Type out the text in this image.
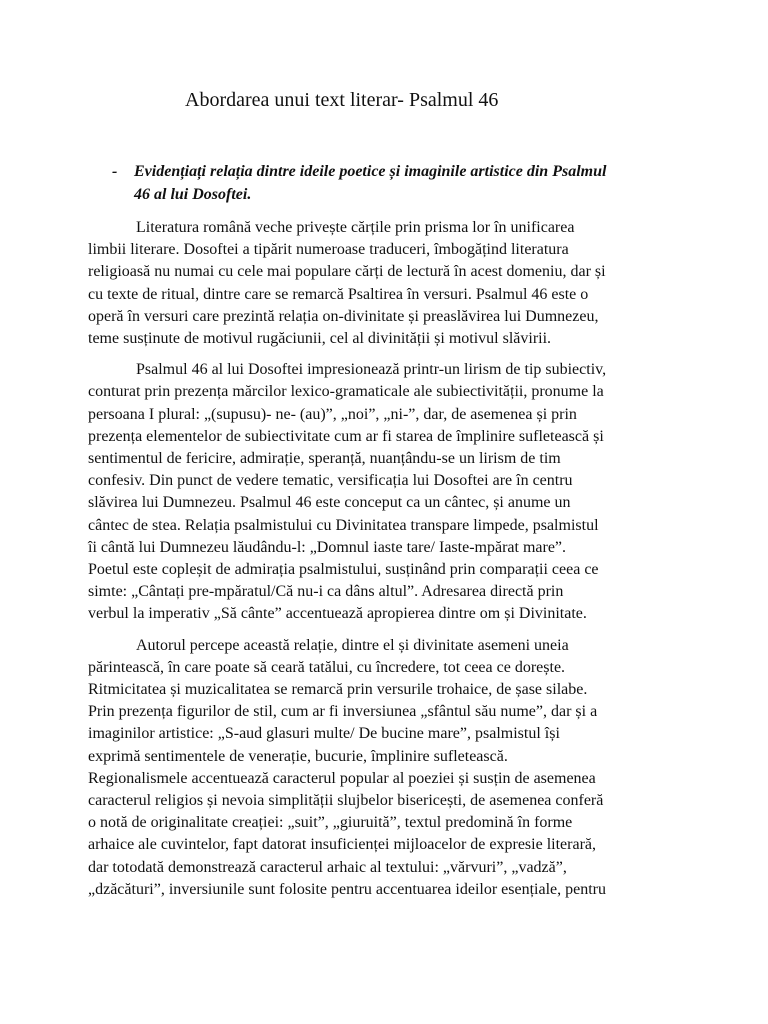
Abordarea unui text literar- Psalmul 46
- Evidențiați relația dintre ideile poetice și imaginile artistice din Psalmul
46 al lui Dosoftei.

Literatura română veche privește cărțile prin prisma lor în unificarea
limbii literare. Dosoftei a tipărit numeroase traduceri, îmbogățind literatura
religioasă nu numai cu cele mai populare cărți de lectură în acest domeniu, dar și
cu texte de ritual, dintre care se remarcă Psaltirea în versuri. Psalmul 46 este o
operă în versuri care prezintă relația on-divinitate și preaslăvirea lui Dumnezeu,
teme susținute de motivul rugăciunii, cel al divinității și motivul slăvirii.

Psalmul 46 al lui Dosoftei impresionează printr-un lirism de tip subiectiv,
conturat prin prezența mărcilor lexico-gramaticale ale subiectivității, pronume la
persoana I plural: „(supusu)- ne- (au)”, „noi”, „ni-”, dar, de asemenea și prin
prezența elementelor de subiectivitate cum ar fi starea de împlinire sufletească și
sentimentul de fericire, admirație, speranță, nuanțându-se un lirism de tim
confesiv. Din punct de vedere tematic, versificația lui Dosoftei are în centru
slăvirea lui Dumnezeu. Psalmul 46 este conceput ca un cântec, și anume un
cântec de stea. Relația psalmistului cu Divinitatea transpare limpede, psalmistul
îi cântă lui Dumnezeu lăudându-l: „Domnul iaste tare/ Iaste-mpărat mare”.
Poetul este copleșit de admirația psalmistului, susținând prin comparații ceea ce
simte: „Cântați pre-mpăratul/Că nu-i ca dâns altul”. Adresarea directă prin
verbul la imperativ „Să cânte” accentuează apropierea dintre om și Divinitate.

Autorul percepe această relație, dintre el și divinitate asemeni uneia
părintească, în care poate să ceară tatălui, cu încredere, tot ceea ce dorește.
Ritmicitatea și muzicalitatea se remarcă prin versurile trohaice, de șase silabe.
Prin prezența figurilor de stil, cum ar fi inversiunea „sfântul său nume”, dar și a
imaginilor artistice: „S-aud glasuri multe/ De bucine mare”, psalmistul își
exprimă sentimentele de venerație, bucurie, împlinire sufletească.
Regionalismele accentuează caracterul popular al poeziei și susțin de asemenea
caracterul religios și nevoia simplității slujbelor bisericești, de asemenea conferă
o notă de originalitate creației: „suit”, „giuruită”, textul predomină în forme
arhaice ale cuvintelor, fapt datorat insuficienței mijloacelor de expresie literară,
dar totodată demonstrează caracterul arhaic al textului: „vărvuri”, „vadză”,
„dzăcături”, inversiunile sunt folosite pentru accentuarea ideilor esențiale, pentru
